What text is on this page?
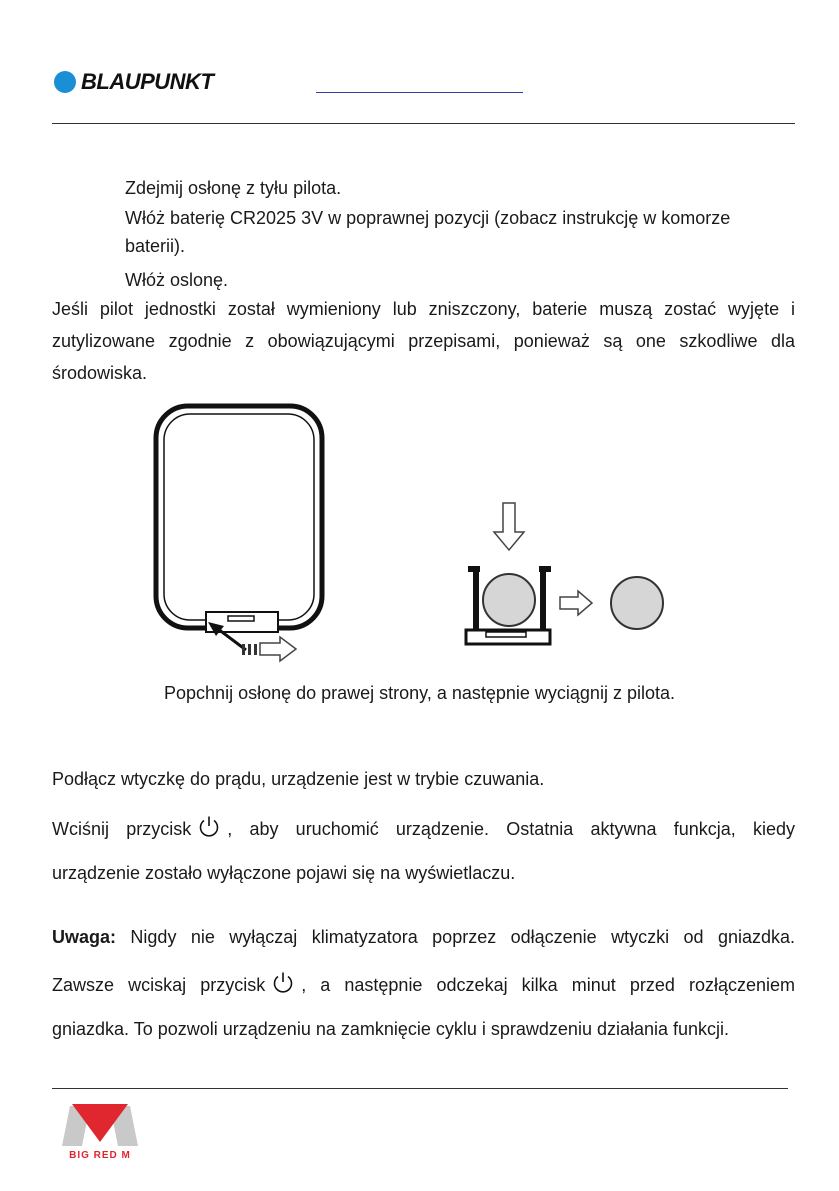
BLAUPUNKT
Zdejmij osłonę z tyłu pilota.
Włóż baterię CR2025 3V w poprawnej pozycji (zobacz instrukcję w komorze
baterii).
Włóż oslonę.
Jeśli pilot jednostki został wymieniony lub zniszczony, baterie muszą zostać wyjęte i
zutylizowane zgodnie z obowiązującymi przepisami, ponieważ są one szkodliwe dla
środowiska.
Popchnij osłonę do prawej strony, a następnie wyciągnij z pilota.
Podłącz wtyczkę do prądu, urządzenie jest w trybie czuwania.
Wciśnij przycisk , aby uruchomić urządzenie. Ostatnia aktywna funkcja, kiedy
urządzenie zostało wyłączone pojawi się na wyświetlaczu.
Uwaga: Nigdy nie wyłączaj klimatyzatora poprzez odłączenie wtyczki od gniazdka.
Zawsze wciskaj przycisk , a następnie odczekaj kilka minut przed rozłączeniem
gniazdka. To pozwoli urządzeniu na zamknięcie cyklu i sprawdzeniu działania funkcji.
BIG RED M
